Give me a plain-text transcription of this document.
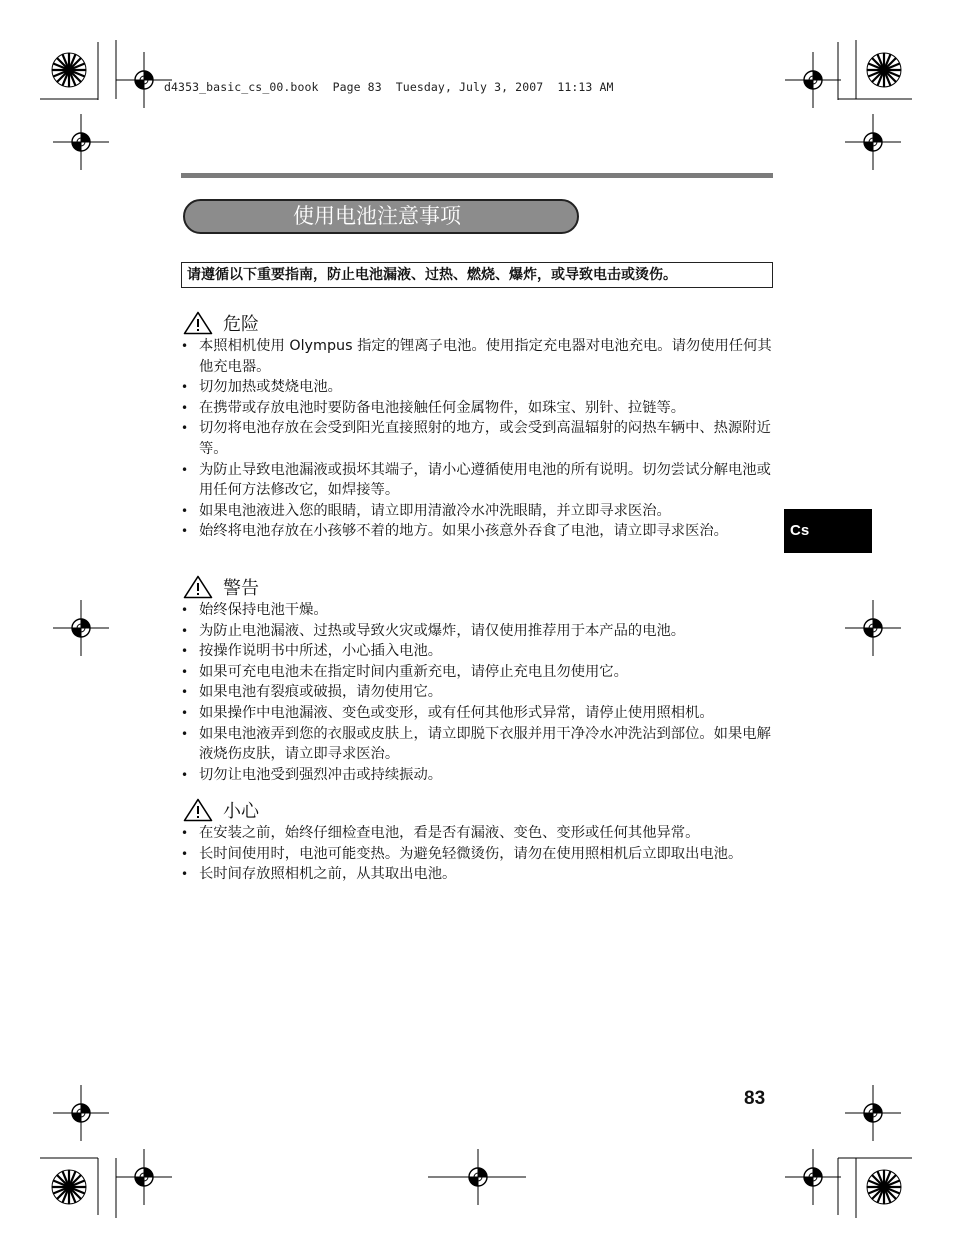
d4353_basic_cs_00.book  Page 83  Tuesday, July 3, 2007  11:13 AM
使用电池注意事项
请遵循以下重要指南，防止电池漏液、过热、燃烧、爆炸，或导致电击或烫伤。
危险
• 本照相机使用 Olympus 指定的锂离子电池。使用指定充电器对电池充电。请勿使用任何其他充电器。
• 切勿加热或焚烧电池。
• 在携带或存放电池时要防备电池接触任何金属物件，如珠宝、别针、拉链等。
• 切勿将电池存放在会受到阳光直接照射的地方，或会受到高温辐射的闷热车辆中、热源附近等。
• 为防止导致电池漏液或损坏其端子，请小心遵循使用电池的所有说明。切勿尝试分解电池或用任何方法修改它，如焊接等。
• 如果电池液进入您的眼睛，请立即用清澈冷水冲洗眼睛，并立即寻求医治。
• 始终将电池存放在小孩够不着的地方。如果小孩意外吞食了电池，请立即寻求医治。
警告
• 始终保持电池干燥。
• 为防止电池漏液、过热或导致火灾或爆炸，请仅使用推荐用于本产品的电池。
• 按操作说明书中所述，小心插入电池。
• 如果可充电电池未在指定时间内重新充电，请停止充电且勿使用它。
• 如果电池有裂痕或破损，请勿使用它。
• 如果操作中电池漏液、变色或变形，或有任何其他形式异常，请停止使用照相机。
• 如果电池液弄到您的衣服或皮肤上，请立即脱下衣服并用干净冷水冲洗沾到部位。如果电解液烧伤皮肤，请立即寻求医治。
• 切勿让电池受到强烈冲击或持续振动。
小心
• 在安装之前，始终仔细检查电池，看是否有漏液、变色、变形或任何其他异常。
• 长时间使用时，电池可能变热。为避免轻微烫伤，请勿在使用照相机后立即取出电池。
• 长时间存放照相机之前，从其取出电池。
Cs
83
